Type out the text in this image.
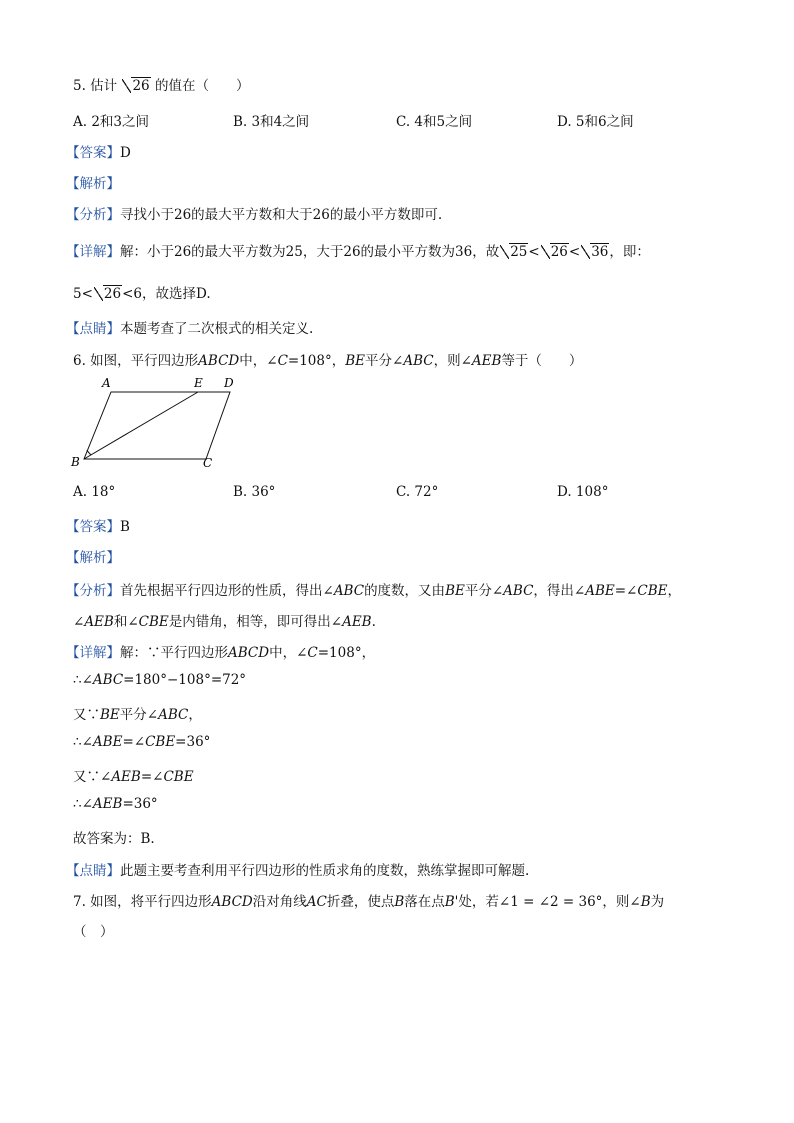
5. 估计 26 的值在（　　）
A. 2和3之间	B. 3和4之间	C. 4和5之间	D. 5和6之间
【答案】D
【解析】
【分析】寻找小于26的最大平方数和大于26的最小平方数即可.
【详解】解：小于26的最大平方数为25，大于26的最小平方数为36，故 25< 26< 36，即：
5< 26<6，故选择D.
【点睛】本题考查了二次根式的相关定义.
6. 如图，平行四边形ABCD中，∠C=108°，BE平分∠ABC，则∠AEB等于（　　）
A	E D
B	C
A. 18°	B. 36°	C. 72°	D. 108°
【答案】B
【解析】
【分析】首先根据平行四边形的性质，得出∠ABC的度数，又由BE平分∠ABC，得出∠ABE=∠CBE，
∠AEB和∠CBE是内错角，相等，即可得出∠AEB.
【详解】解：∵平行四边形ABCD中，∠C=108°，
∴∠ABC=180°−108°=72°
又∵BE平分∠ABC，
∴∠ABE=∠CBE=36°
又∵∠AEB=∠CBE
∴∠AEB=36°
故答案为：B.
【点睛】此题主要考查利用平行四边形的性质求角的度数，熟练掌握即可解题.
7. 如图，将平行四边形ABCD沿对角线AC折叠，使点B落在点B'处，若∠1 = ∠2 = 36°，则∠B为
（　）
